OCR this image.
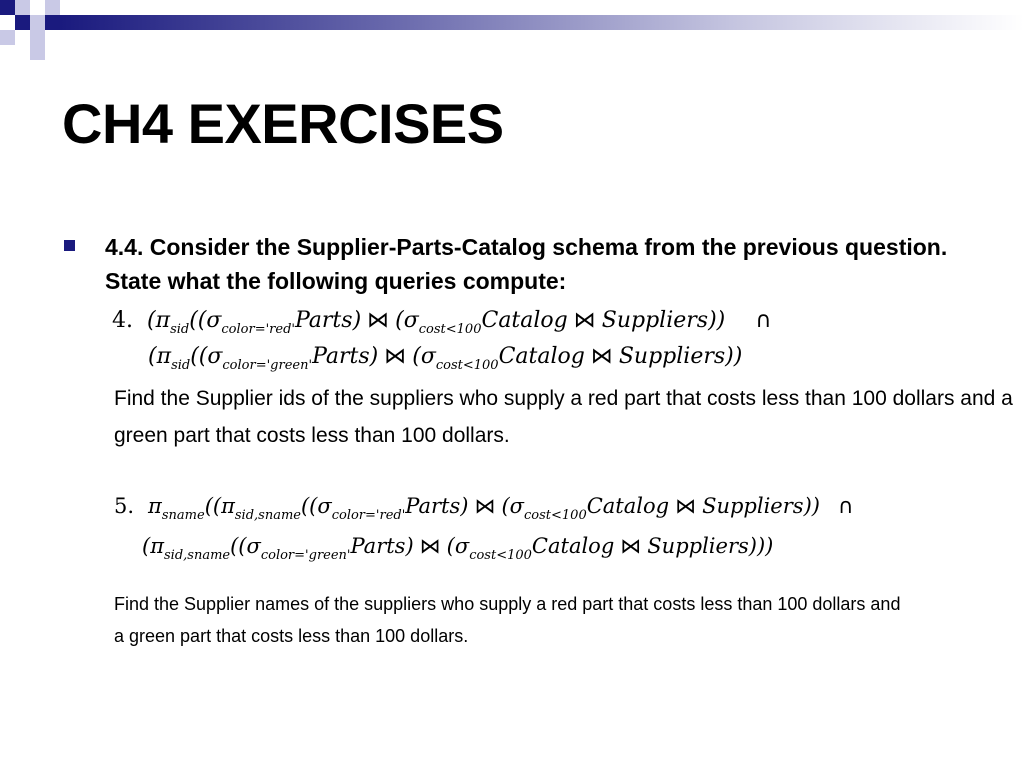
CH4 EXERCISES
4.4. Consider the Supplier-Parts-Catalog schema from the previous question. State what the following queries compute:
4. ($\pi_{sid}((\sigma_{color='red'}Parts)$ ⋈ ($\sigma_{cost<100}Catalog$ ⋈ Suppliers)) ∩
($\pi_{sid}((\sigma_{color='green'}Parts)$ ⋈ ($\sigma_{cost<100}Catalog$ ⋈ Suppliers))
Find the Supplier ids of the suppliers who supply a red part that costs less than 100 dollars and a green part that costs less than 100 dollars.
5. $\pi_{sname}((\pi_{sid,sname}((\sigma_{color='red'}Parts)$ ⋈ ($\sigma_{cost<100}Catalog$ ⋈ Suppliers)) ∩
($\pi_{sid,sname}((\sigma_{color='green'}Parts)$ ⋈ ($\sigma_{cost<100}Catalog$ ⋈ Suppliers)))
Find the Supplier names of the suppliers who supply a red part that costs less than 100 dollars and a green part that costs less than 100 dollars.
